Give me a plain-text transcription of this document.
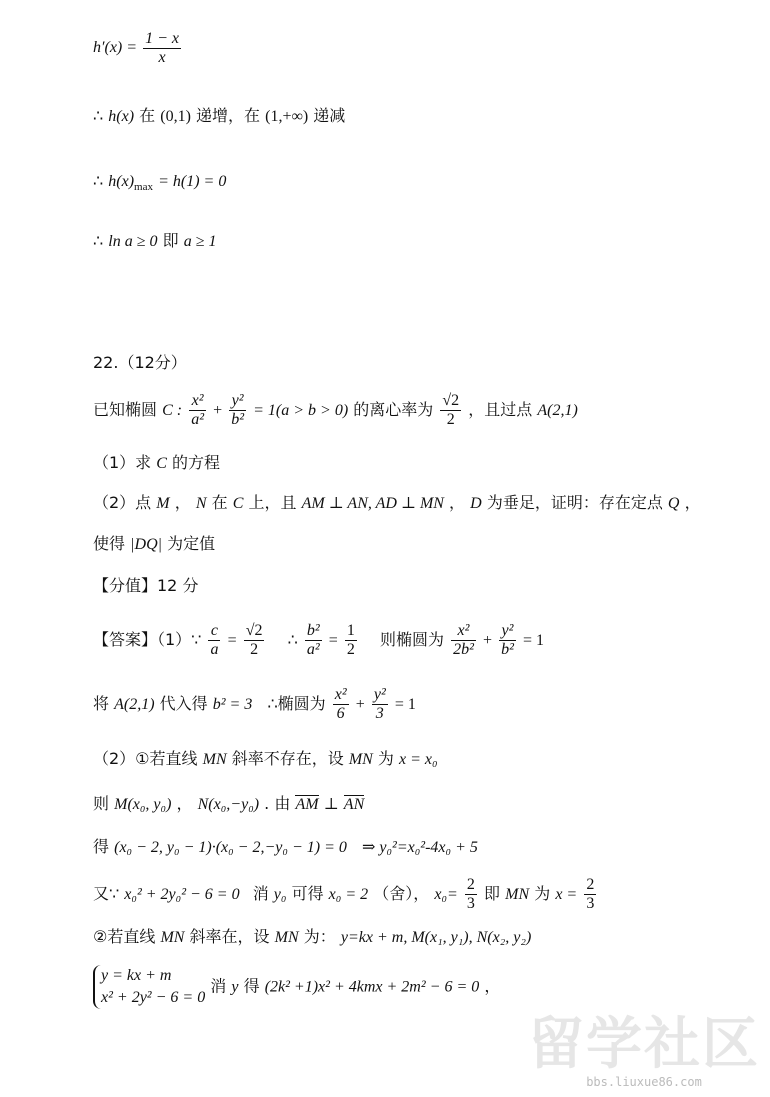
$h'(x) = \frac{1 - x}{x}$
∴ h(x) 在 (0,1) 递增，在 (1,+∞) 递减
∴ $h(x)_{max} = h(1) = 0$
∴ ln a ≥ 0 即 a ≥ 1
22.（12分）
已知椭圆 C : $\frac{\text{x²}}{\text{a²}} + \frac{\text{y²}}{\text{b²}} = 1(a > b > 0)$ 的离心率为 $\frac{√2}{2}$ ，且过点 A(2,1)
（1）求 C 的方程
（2）点 M ， N 在 C 上，且 AM ⊥ AN, AD ⊥ MN ， D 为垂足，证明：存在定点 Q ，
使得 |DQ| 为定值
【分值】12 分
【答案】（1）∵ $\frac{c}{a} = \frac{√2}{2}$ ∴ $\frac{\text{b²}}{\text{a²}} = \frac{1}{2}$ 则椭圆为 $\frac{\text{x²}}{\text{2b²}} + \frac{\text{y²}}{\text{b²}} = 1$
将 A(2,1) 代入得 b² = 3 ∴椭圆为 $\frac{\text{x²}}{6} + \frac{\text{y²}}{3} = 1$
（2）①若直线 MN 斜率不存在，设 MN 为 x = x₀
则 M(x₀, y₀) ， N(x₀,−y₀) . 由 AM ⊥ AN
得 (x₀ − 2, y₀ − 1)·(x₀ − 2,−y₀ − 1) = 0 ⇒ y₀²=x₀²-4x₀ + 5
又∵ x₀² + 2y₀² − 6 = 0 消 y₀ 可得 x₀ = 2 （舍）， $x_0= \frac{2}{3}$ 即 MN 为 $x = \frac{2}{3}$
②若直线 MN 斜率在，设 MN 为： y=kx + m, M(x₁, y₁), N(x₂, y₂)
y = kx + m
x² + 2y² − 6 = 0
消 y 得 (2k² +1)x² + 4kmx + 2m² − 6 = 0 ，
留学社区
bbs.liuxue86.com
